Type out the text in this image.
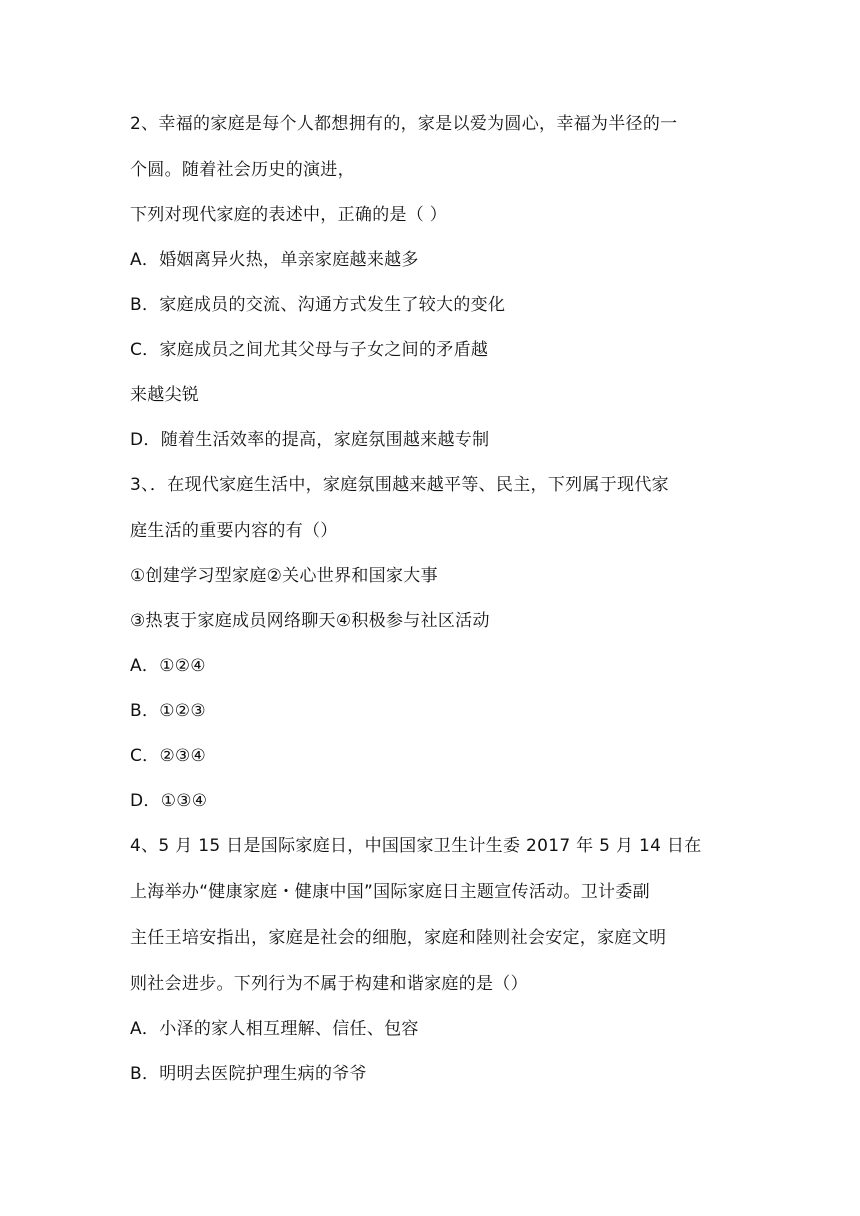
2、幸福的家庭是每个人都想拥有的，家是以爱为圆心，幸福为半径的一

个圆。随着社会历史的演进，

下列对现代家庭的表述中，正确的是（ ）

A．婚姻离异火热，单亲家庭越来越多

B．家庭成员的交流、沟通方式发生了较大的变化

C．家庭成员之间尤其父母与子女之间的矛盾越

来越尖锐

D．随着生活效率的提高，家庭氛围越来越专制

3、．在现代家庭生活中，家庭氛围越来越平等、民主，下列属于现代家

庭生活的重要内容的有（）

①创建学习型家庭②关心世界和国家大事

③热衷于家庭成员网络聊天④积极参与社区活动

A．①②④

B．①②③

C．②③④

D．①③④

4、5 月 15 日是国际家庭日，中国国家卫生计生委 2017 年 5 月 14 日在

上海举办“健康家庭・健康中国”国际家庭日主题宣传活动。卫计委副

主任王培安指出，家庭是社会的细胞，家庭和陸则社会安定，家庭文明

则社会进步。下列行为不属于构建和谐家庭的是（）

A．小泽的家人相互理解、信任、包容

B．明明去医院护理生病的爷爷
